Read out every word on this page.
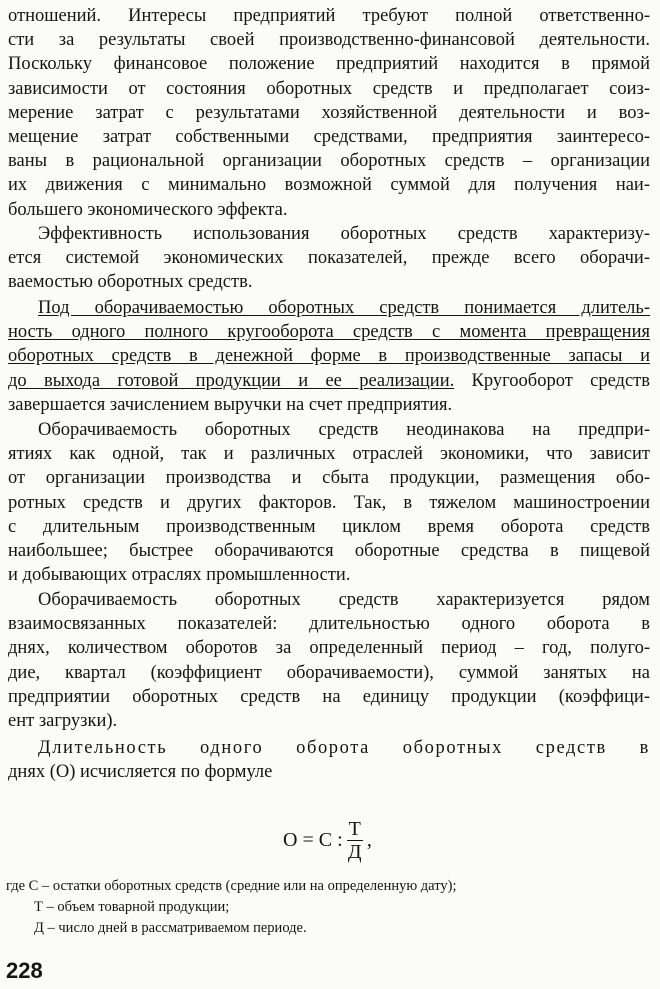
отношений. Интересы предприятий требуют полной ответственно-

сти за результаты своей производственно-финансовой деятельности.

Поскольку финансовое положение предприятий находится в прямой

зависимости от состояния оборотных средств и предполагает соиз-

мерение затрат с результатами хозяйственной деятельности и воз-

мещение затрат собственными средствами, предприятия заинтересо-

ваны в рациональной организации оборотных средств – организации

их движения с минимально возможной суммой для получения наи-

большего экономического эффекта.

Эффективность использования оборотных средств характеризу-

ется системой экономических показателей, прежде всего оборачи-

ваемостью оборотных средств.

Под оборачиваемостью оборотных средств понимается длитель-

ность одного полного кругооборота средств с момента превращения

оборотных средств в денежной форме в производственные запасы и

до выхода готовой продукции и ее реализации. Кругооборот средств

завершается зачислением выручки на счет предприятия.

Оборачиваемость оборотных средств неодинакова на предпри-

ятиях как одной, так и различных отраслей экономики, что зависит

от организации производства и сбыта продукции, размещения обо-

ротных средств и других факторов. Так, в тяжелом машиностроении

с длительным производственным циклом время оборота средств

наибольшее; быстрее оборачиваются оборотные средства в пищевой

и добывающих отраслях промышленности.

Оборачиваемость оборотных средств характеризуется рядом

взаимосвязанных показателей: длительностью одного оборота в

днях, количеством оборотов за определенный период – год, полуго-

дие, квартал (коэффициент оборачиваемости), суммой занятых на

предприятии оборотных средств на единицу продукции (коэффици-

ент загрузки).

Длительность одного оборота оборотных средств в

днях (О) исчисляется по формуле

О = С : $\frac{Т}{Д}$ ,

где С – остатки оборотных средств (средние или на определенную дату);

Т – объем товарной продукции;

Д – число дней в рассматриваемом периоде.

228
